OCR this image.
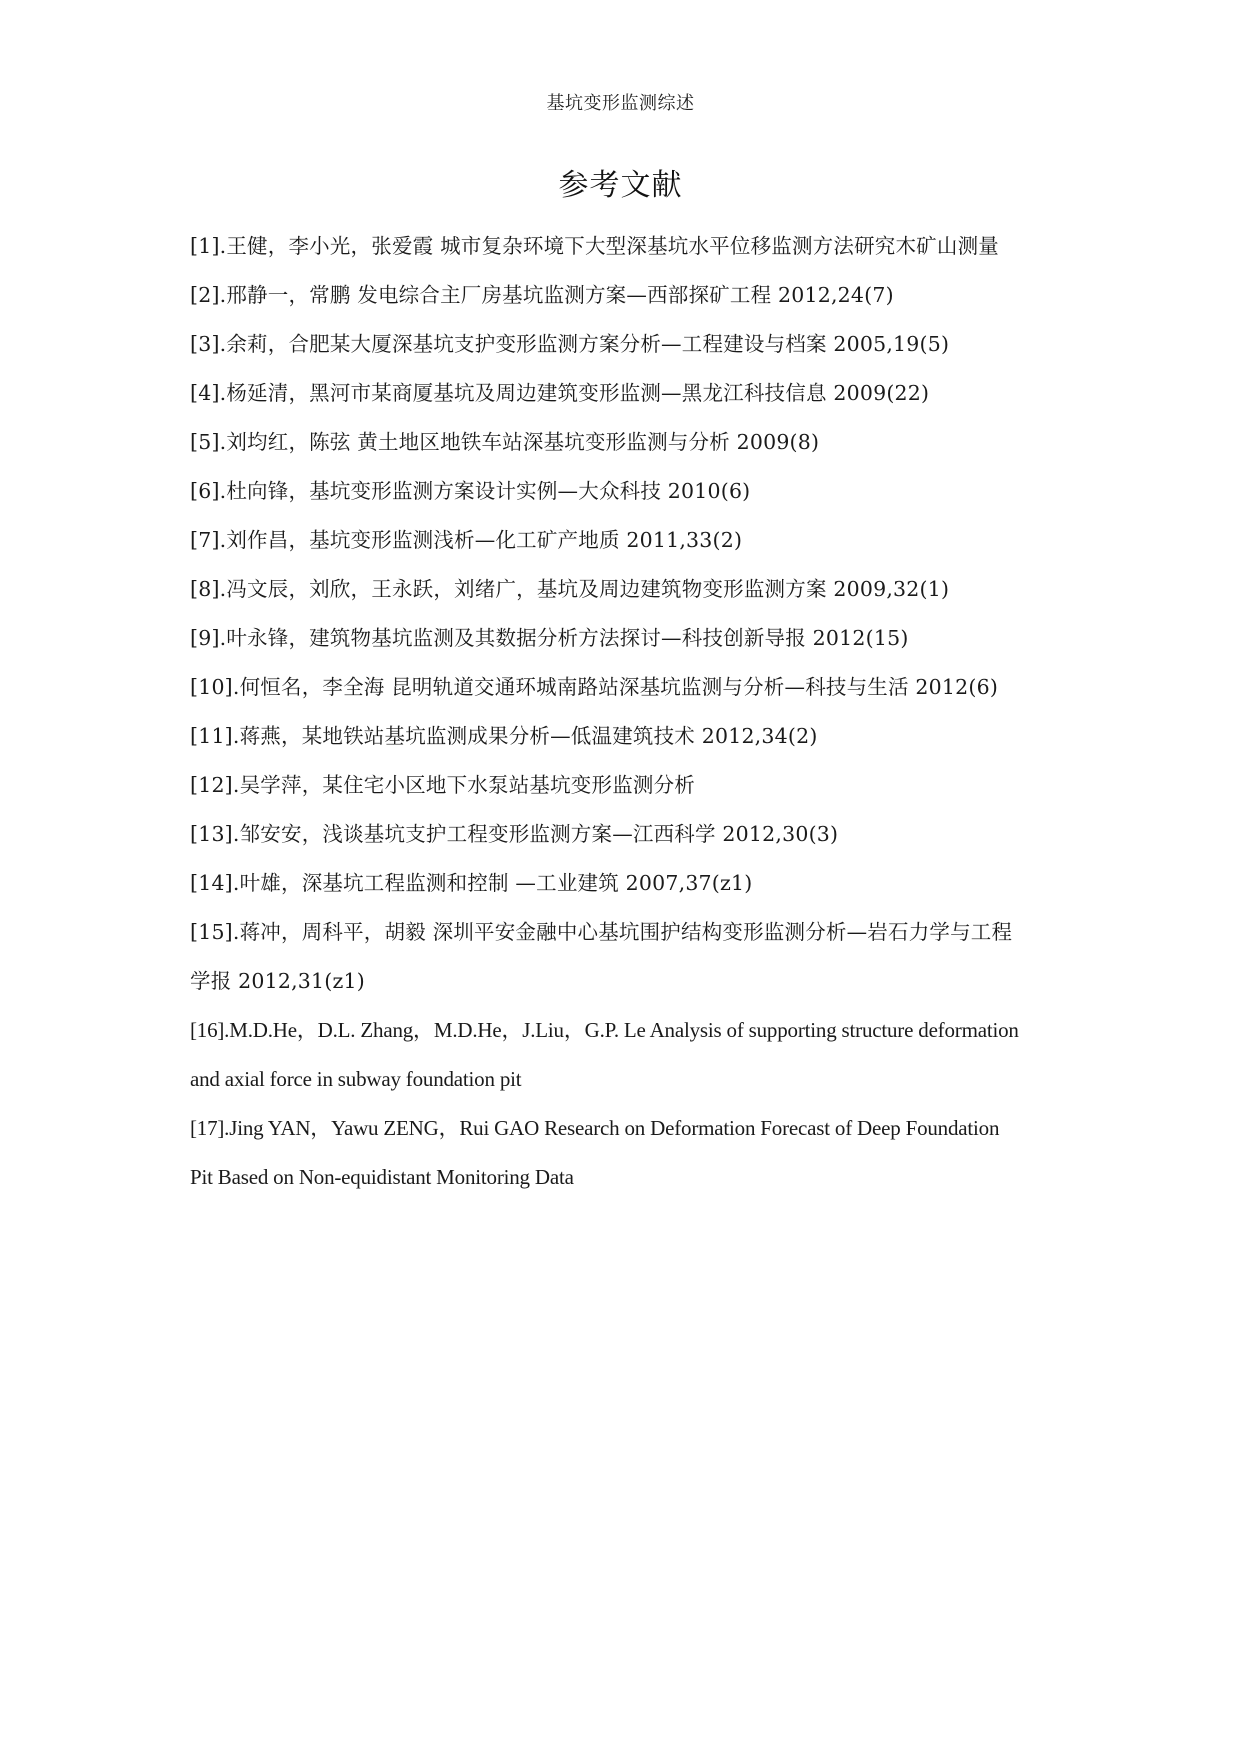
基坑变形监测综述
参考文献
[1].王健，李小光，张爱霞 城市复杂环境下大型深基坑水平位移监测方法研究木矿山测量
[2].邢静一，常鹏 发电综合主厂房基坑监测方案—西部探矿工程 2012,24(7)
[3].余莉，合肥某大厦深基坑支护变形监测方案分析—工程建设与档案 2005,19(5)
[4].杨延清，黑河市某商厦基坑及周边建筑变形监测—黑龙江科技信息 2009(22)
[5].刘均红，陈弦 黄土地区地铁车站深基坑变形监测与分析 2009(8)
[6].杜向锋，基坑变形监测方案设计实例—大众科技 2010(6)
[7].刘作昌，基坑变形监测浅析—化工矿产地质 2011,33(2)
[8].冯文辰，刘欣，王永跃，刘绪广，基坑及周边建筑物变形监测方案 2009,32(1)
[9].叶永锋，建筑物基坑监测及其数据分析方法探讨—科技创新导报 2012(15)
[10].何恒名，李全海 昆明轨道交通环城南路站深基坑监测与分析—科技与生活 2012(6)
[11].蒋燕，某地铁站基坑监测成果分析—低温建筑技术 2012,34(2)
[12].吴学萍，某住宅小区地下水泵站基坑变形监测分析
[13].邹安安，浅谈基坑支护工程变形监测方案—江西科学 2012,30(3)
[14].叶雄，深基坑工程监测和控制 —工业建筑 2007,37(z1)
[15].蒋冲，周科平，胡毅 深圳平安金融中心基坑围护结构变形监测分析—岩石力学与工程
学报 2012,31(z1)
[16].M.D.He，D.L. Zhang，M.D.He，J.Liu，G.P. Le Analysis of supporting structure deformation
and axial force in subway foundation pit
[17].Jing YAN，Yawu ZENG，Rui GAO Research on Deformation Forecast of Deep Foundation
Pit Based on Non-equidistant Monitoring Data
